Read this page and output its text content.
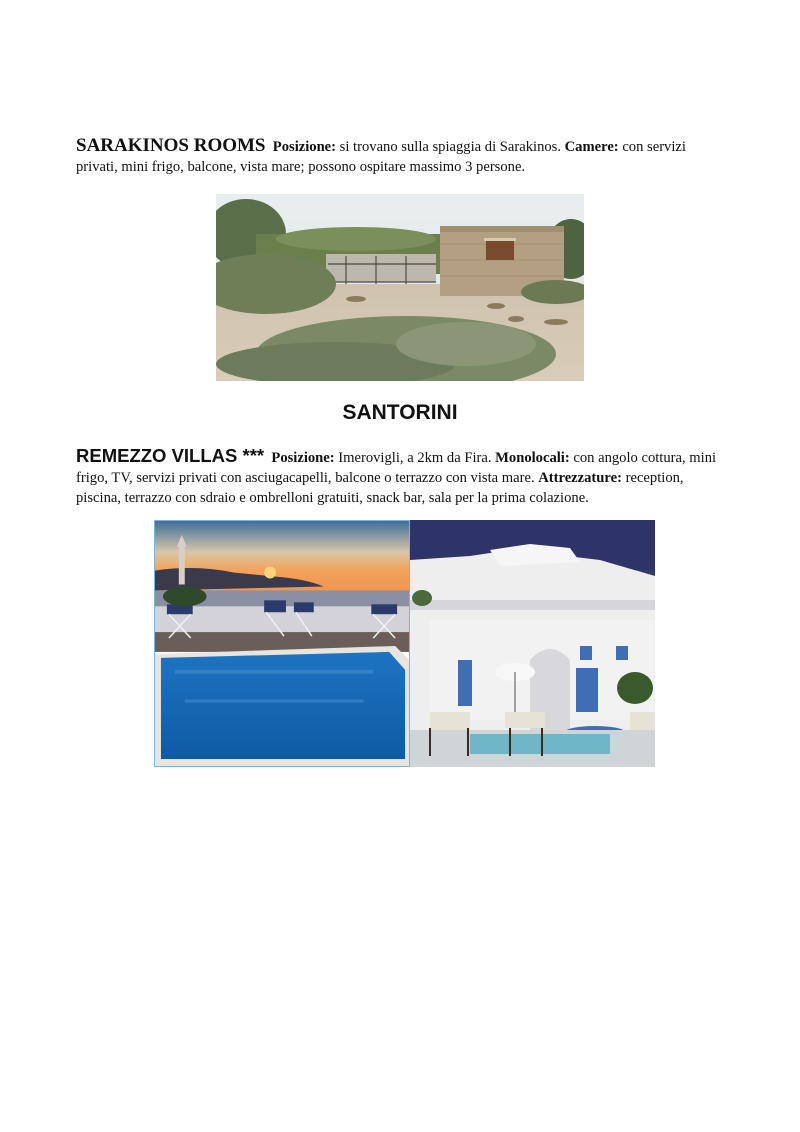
SARAKINOS ROOMS Posizione: si trovano sulla spiaggia di Sarakinos. Camere: con servizi privati, mini frigo, balcone, vista mare; possono ospitare massimo 3 persone.

SANTORINI

REMEZZO VILLAS *** Posizione: Imerovigli, a 2km da Fira. Monolocali: con angolo cottura, mini frigo, TV, servizi privati con asciugacapelli, balcone o terrazzo con vista mare. Attrezzature: reception, piscina, terrazzo con sdraio e ombrelloni gratuiti, snack bar, sala per la prima colazione.
